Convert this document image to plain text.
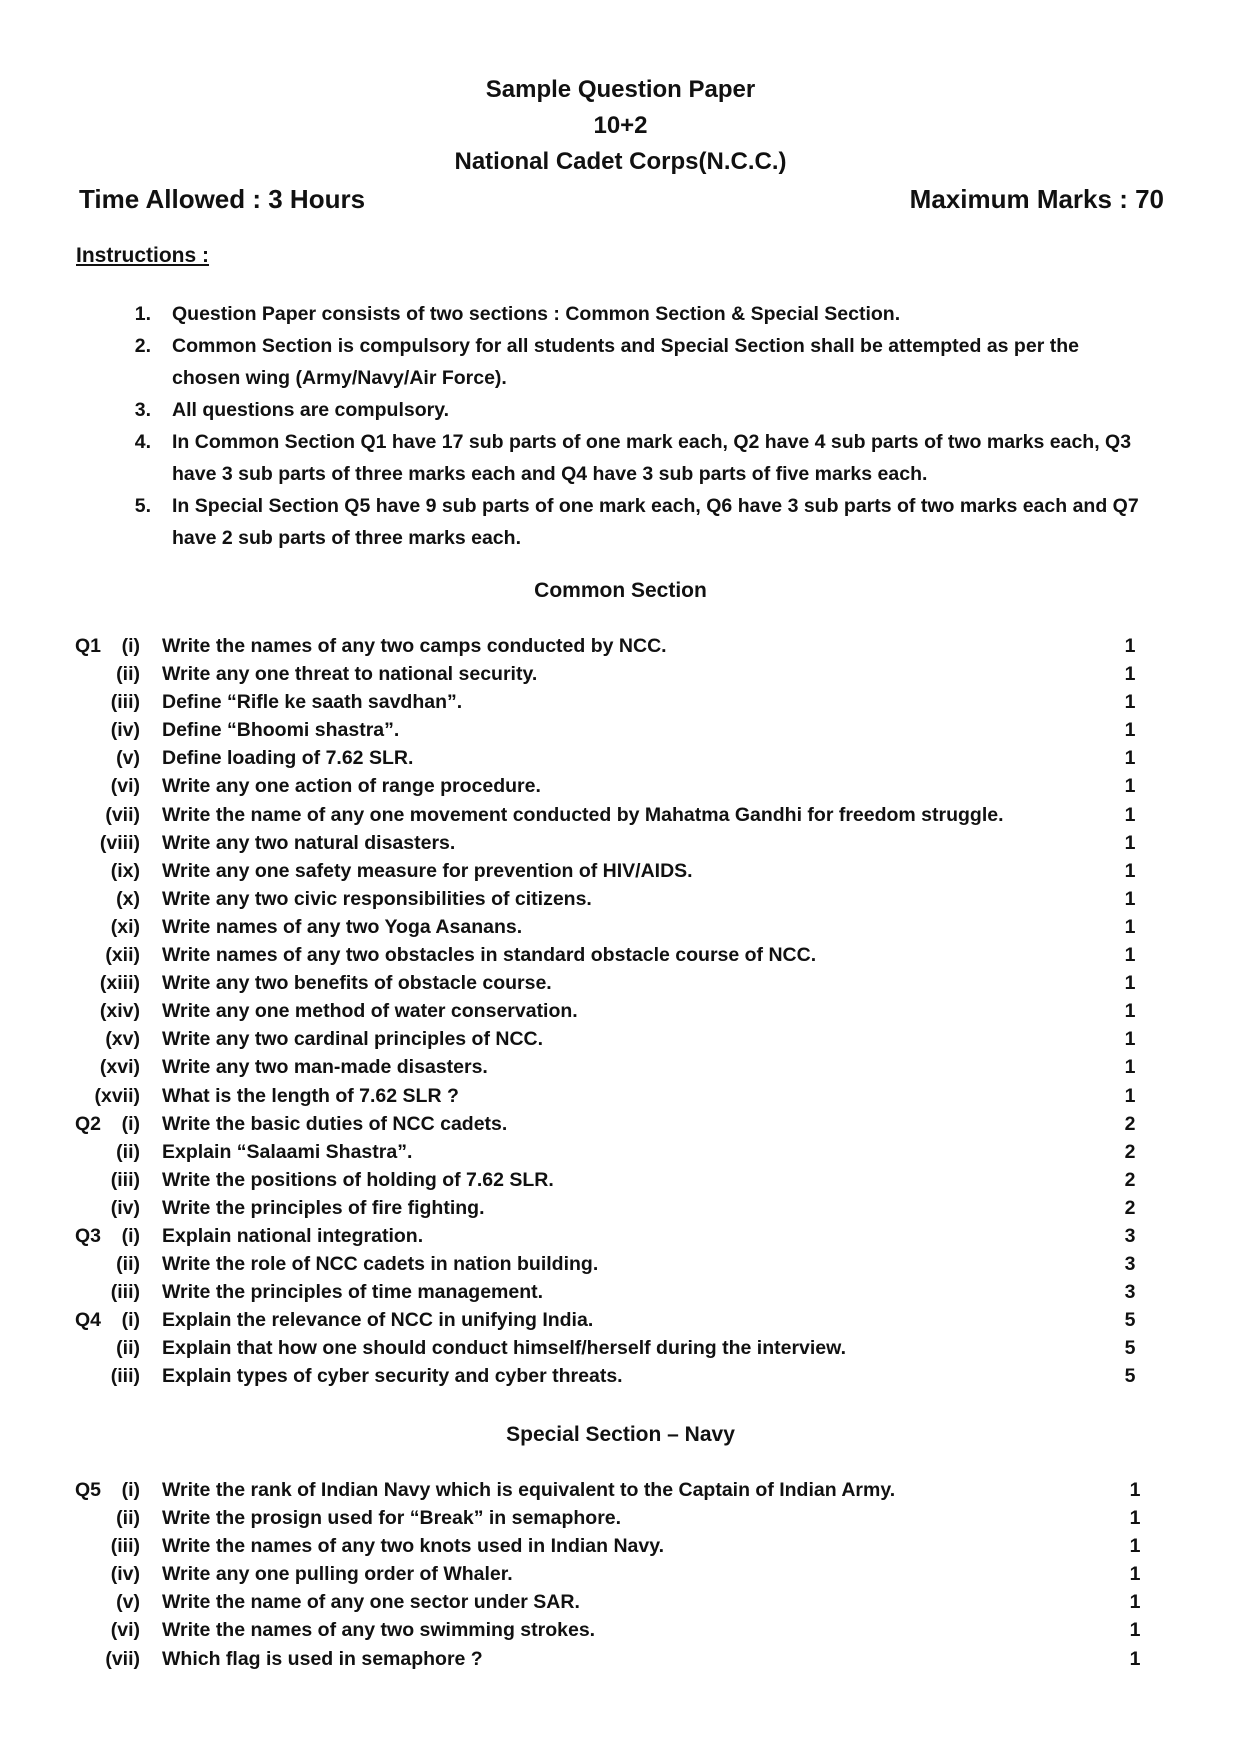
Sample Question Paper
10+2
National Cadet Corps(N.C.C.)
Time Allowed : 3 Hours	Maximum Marks : 70
Instructions :
1.	Question Paper consists of two sections : Common Section & Special Section.
2.	Common Section is compulsory for all students and Special Section shall be attempted as per the chosen wing (Army/Navy/Air Force).
3.	All questions are compulsory.
4.	In Common Section Q1 have 17 sub parts of one mark each, Q2 have 4 sub parts of two marks each, Q3 have 3 sub parts of three marks each and Q4 have 3 sub parts of five marks each.
5.	In Special Section Q5 have 9 sub parts of one mark each, Q6 have 3 sub parts of two marks each and Q7 have 2 sub parts of three marks each.
Common Section
Q1	(i) Write the names of any two camps conducted by NCC.	1
(ii) Write any one threat to national security.	1
(iii) Define “Rifle ke saath savdhan”.	1
(iv) Define “Bhoomi shastra”.	1
(v) Define loading of 7.62 SLR.	1
(vi) Write any one action of range procedure.	1
(vii) Write the name of any one movement conducted by Mahatma Gandhi for freedom struggle.	1
(viii) Write any two natural disasters.	1
(ix) Write any one safety measure for prevention of HIV/AIDS.	1
(x) Write any two civic responsibilities of citizens.	1
(xi) Write names of any two Yoga Asanans.	1
(xii) Write names of any two obstacles in standard obstacle course of NCC.	1
(xiii) Write any two benefits of obstacle course.	1
(xiv) Write any one method of water conservation.	1
(xv) Write any two cardinal principles of NCC.	1
(xvi) Write any two man-made disasters.	1
(xvii) What is the length of 7.62 SLR ?	1
Q2	(i) Write the basic duties of NCC cadets.	2
(ii) Explain “Salaami Shastra”.	2
(iii) Write the positions of holding of 7.62 SLR.	2
(iv) Write the principles of fire fighting.	2
Q3	(i) Explain national integration.	3
(ii) Write the role of NCC cadets in nation building.	3
(iii) Write the principles of time management.	3
Q4	(i) Explain the relevance of NCC in unifying India.	5
(ii) Explain that how one should conduct himself/herself during the interview.	5
(iii) Explain types of cyber security and cyber threats.	5
Special Section – Navy
Q5	(i) Write the rank of Indian Navy which is equivalent to the Captain of Indian Army.	1
(ii) Write the prosign used for “Break” in semaphore.	1
(iii) Write the names of any two knots used in Indian Navy.	1
(iv) Write any one pulling order of Whaler.	1
(v) Write the name of any one sector under SAR.	1
(vi) Write the names of any two swimming strokes.	1
(vii) Which flag is used in semaphore ?	1
